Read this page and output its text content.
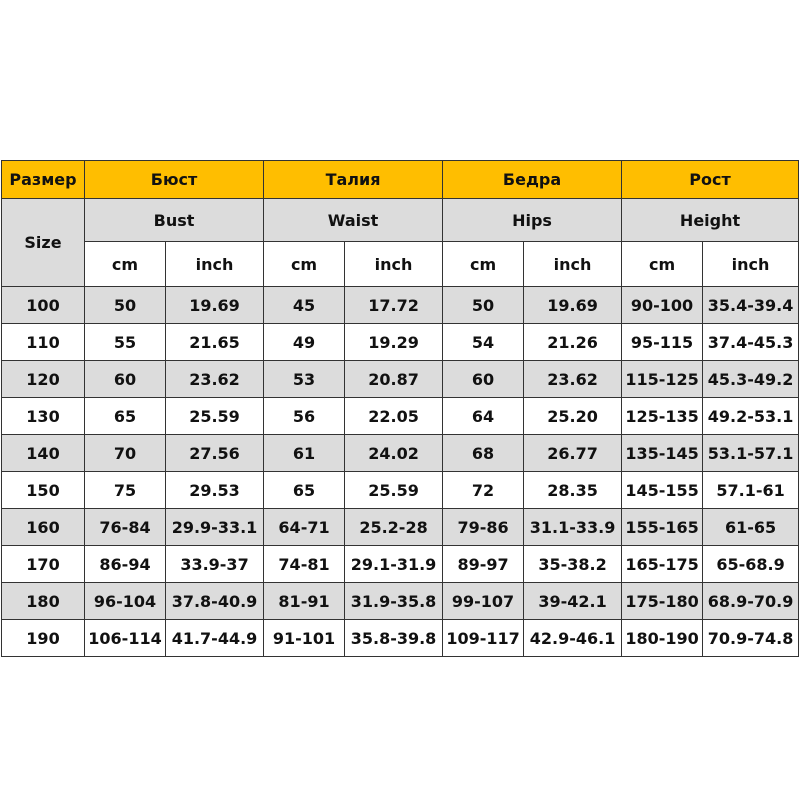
Размер	Бюст		Талия		Бедра		Рост	
Size	Bust		Waist		Hips		Height	
	cm	inch	cm	inch	cm	inch	cm	inch
100	50	19.69	45	17.72	50	19.69	90-100	35.4-39.4
110	55	21.65	49	19.29	54	21.26	95-115	37.4-45.3
120	60	23.62	53	20.87	60	23.62	115-125	45.3-49.2
130	65	25.59	56	22.05	64	25.20	125-135	49.2-53.1
140	70	27.56	61	24.02	68	26.77	135-145	53.1-57.1
150	75	29.53	65	25.59	72	28.35	145-155	57.1-61
160	76-84	29.9-33.1	64-71	25.2-28	79-86	31.1-33.9	155-165	61-65
170	86-94	33.9-37	74-81	29.1-31.9	89-97	35-38.2	165-175	65-68.9
180	96-104	37.8-40.9	81-91	31.9-35.8	99-107	39-42.1	175-180	68.9-70.9
190	106-114	41.7-44.9	91-101	35.8-39.8	109-117	42.9-46.1	180-190	70.9-74.8
